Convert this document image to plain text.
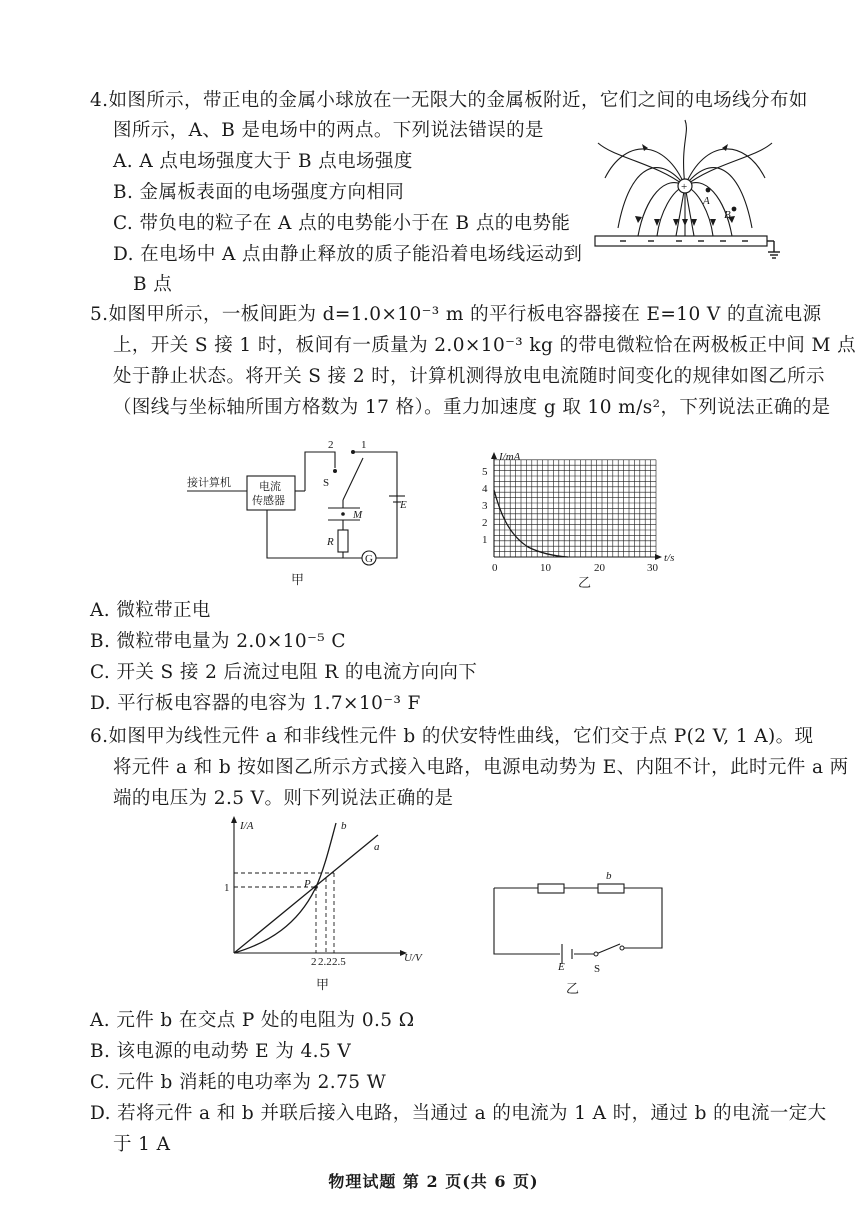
4.如图所示，带正电的金属小球放在一无限大的金属板附近，它们之间的电场线分布如
图所示，A、B 是电场中的两点。下列说法错误的是
A. A 点电场强度大于 B 点电场强度
B. 金属板表面的电场强度方向相同
C. 带负电的粒子在 A 点的电势能小于在 B 点的电势能
D. 在电场中 A 点由静止释放的质子能沿着电场线运动到
B 点
+
A
B
5.如图甲所示，一板间距为 d=1.0×10⁻³ m 的平行板电容器接在 E=10 V 的直流电源
上，开关 S 接 1 时，板间有一质量为 2.0×10⁻³ kg 的带电微粒恰在两极板正中间 M 点
处于静止状态。将开关 S 接 2 时，计算机测得放电电流随时间变化的规律如图乙所示
（图线与坐标轴所围方格数为 17 格）。重力加速度 g 取 10 m/s²，下列说法正确的是
G
接计算机	电流
传感器
2	1
S
M
E
R
甲
I/mA
t/s
5
4
3
2
1
0	10	20	30
乙
A. 微粒带正电
B. 微粒带电量为 2.0×10⁻⁵ C
C. 开关 S 接 2 后流过电阻 R 的电流方向向下
D. 平行板电容器的电容为 1.7×10⁻³ F
6.如图甲为线性元件 a 和非线性元件 b 的伏安特性曲线，它们交于点 P(2 V, 1 A)。现
将元件 a 和 b 按如图乙所示方式接入电路，电源电动势为 E、内阻不计，此时元件 a 两
端的电压为 2.5 V。则下列说法正确的是
I/A
U/V
1
2 2.2 2.5
a
b
P
甲
b
E	S
乙
A. 元件 b 在交点 P 处的电阻为 0.5 Ω
B. 该电源的电动势 E 为 4.5 V
C. 元件 b 消耗的电功率为 2.75 W
D. 若将元件 a 和 b 并联后接入电路，当通过 a 的电流为 1 A 时，通过 b 的电流一定大
于 1 A
物理试题 第 2 页(共 6 页)
